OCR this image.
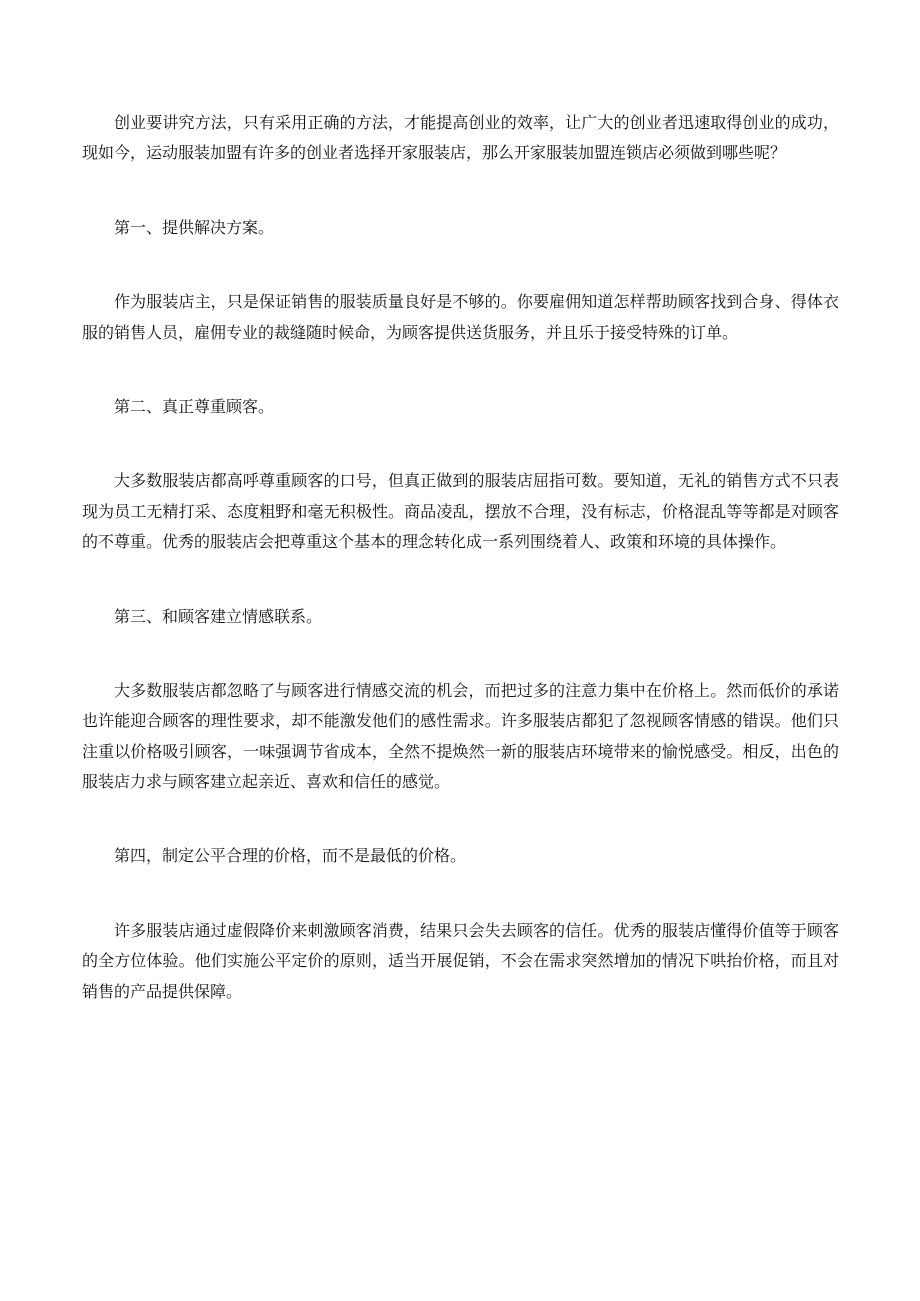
创业要讲究方法，只有采用正确的方法，才能提高创业的效率，让广大的创业者迅速取得创业的成功，现如今，运动服装加盟有许多的创业者选择开家服装店，那么开家服装加盟连锁店必须做到哪些呢？

第一、提供解决方案。

作为服装店主，只是保证销售的服装质量良好是不够的。你要雇佣知道怎样帮助顾客找到合身、得体衣服的销售人员，雇佣专业的裁缝随时候命，为顾客提供送货服务，并且乐于接受特殊的订单。

第二、真正尊重顾客。

大多数服装店都高呼尊重顾客的口号，但真正做到的服装店屈指可数。要知道，无礼的销售方式不只表现为员工无精打采、态度粗野和毫无积极性。商品凌乱，摆放不合理，没有标志，价格混乱等等都是对顾客的不尊重。优秀的服装店会把尊重这个基本的理念转化成一系列围绕着人、政策和环境的具体操作。

第三、和顾客建立情感联系。

大多数服装店都忽略了与顾客进行情感交流的机会，而把过多的注意力集中在价格上。然而低价的承诺也许能迎合顾客的理性要求，却不能激发他们的感性需求。许多服装店都犯了忽视顾客情感的错误。他们只注重以价格吸引顾客，一味强调节省成本，全然不提焕然一新的服装店环境带来的愉悦感受。相反，出色的服装店力求与顾客建立起亲近、喜欢和信任的感觉。

第四，制定公平合理的价格，而不是最低的价格。

许多服装店通过虚假降价来刺激顾客消费，结果只会失去顾客的信任。优秀的服装店懂得价值等于顾客的全方位体验。他们实施公平定价的原则，适当开展促销，不会在需求突然增加的情况下哄抬价格，而且对销售的产品提供保障。
